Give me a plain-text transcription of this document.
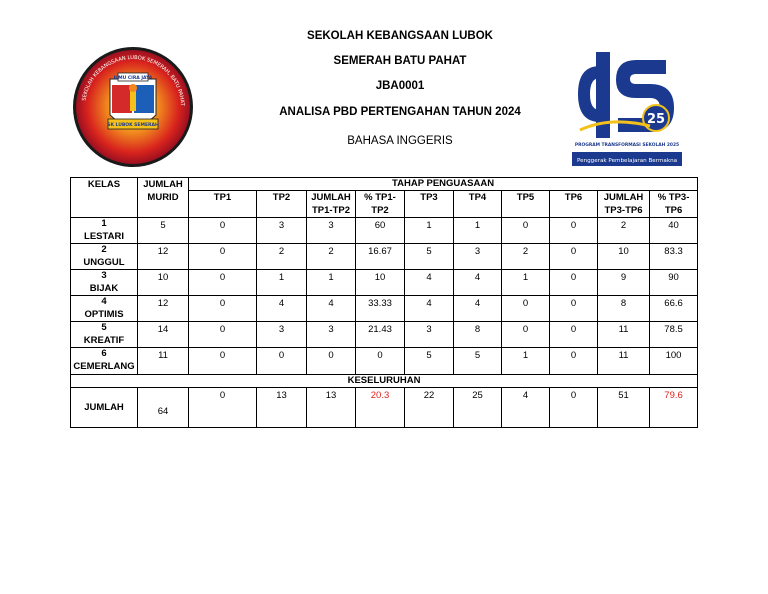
SEKOLAH KEBANGSAAN LUBOK
SEMERAH BATU PAHAT
JBA0001
ANALISA PBD PERTENGAHAN TAHUN 2024
BAHASA INGGERIS
SEKOLAH KEBANGSAAN LUBOK SEMERAH, BATU PAHAT
ILMU CIRA JAYA
SK LUBOK SEMERAH	25
PROGRAM TRANSFORMASI SEKOLAH 2025
Penggerak Pembelajaran Bermakna
KELAS	JUMLAH MURID	TAHAP PENGUASAAN									
		TP1	TP2	JUMLAH TP1-TP2	% TP1-TP2	TP3	TP4	TP5	TP6	JUMLAH TP3-TP6	% TP3-TP6

1
LESTARI	5	0	3	3	60	1	1	0	0	2	40

2
UNGGUL	12	0	2	2	16.67	5	3	2	0	10	83.3

3
BIJAK	10	0	1	1	10	4	4	1	0	9	90

4
OPTIMIS	12	0	4	4	33.33	4	4	0	0	8	66.6

5
KREATIF	14	0	3	3	21.43	3	8	0	0	11	78.5

6
CEMERLANG	11	0	0	0	0	5	5	1	0	11	100
KESELURUHAN											
JUMLAH	64	0	13	13	20.3	22	25	4	0	51	79.6
